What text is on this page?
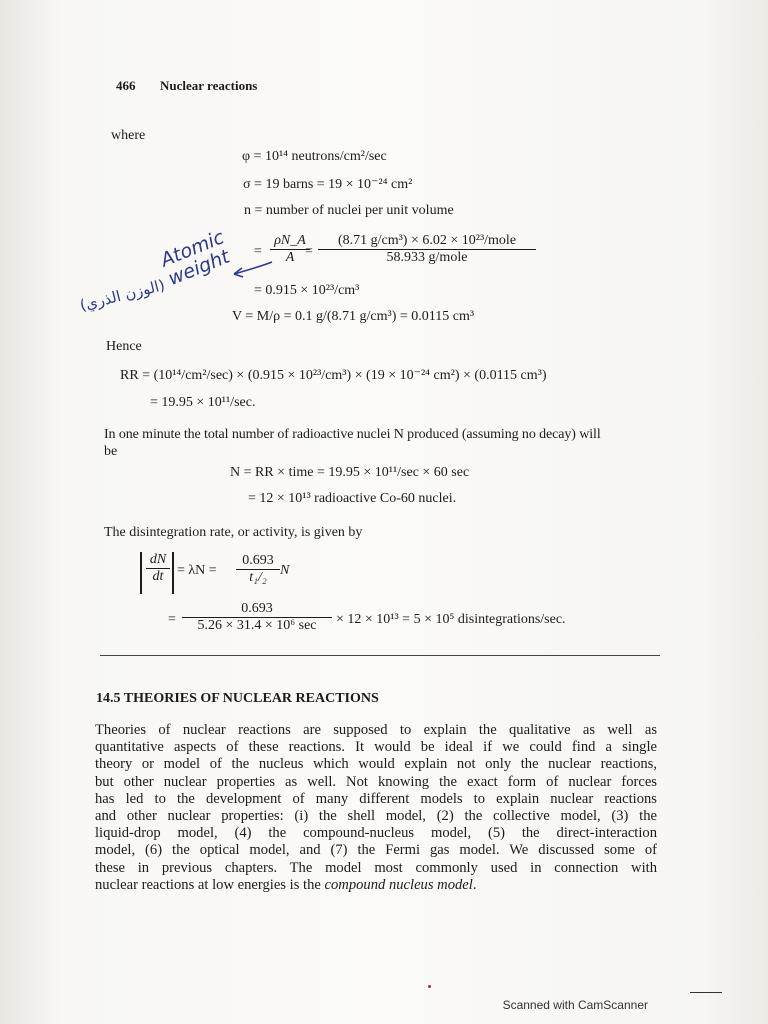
466 Nuclear reactions
where
φ = 10¹⁴ neutrons/cm²/sec
σ = 19 barns = 19 × 10⁻²⁴ cm²
n = number of nuclei per unit volume
=
ρN_A
A =
(8.71 g/cm³) × 6.02 × 10²³/mole
58.933 g/mole
= 0.915 × 10²³/cm³
V = M/ρ = 0.1 g/(8.71 g/cm³) = 0.0115 cm³
Atomic weight
(الوزن الذري)
Hence
RR = (10¹⁴/cm²/sec) × (0.915 × 10²³/cm³) × (19 × 10⁻²⁴ cm²) × (0.0115 cm³)
= 19.95 × 10¹¹/sec.
In one minute the total number of radioactive nuclei N produced (assuming no decay) will
be
N = RR × time = 19.95 × 10¹¹/sec × 60 sec
= 12 × 10¹³ radioactive Co-60 nuclei.
The disintegration rate, or activity, is given by
dN
dt = λN =
0.693
t₁/₂ N
=
0.693
5.26 × 31.4 × 10⁶ sec × 12 × 10¹³ = 5 × 10⁵ disintegrations/sec.
14.5 THEORIES OF NUCLEAR REACTIONS
Theories of nuclear reactions are supposed to explain the qualitative as well as
quantitative aspects of these reactions. It would be ideal if we could find a single
theory or model of the nucleus which would explain not only the nuclear reactions,
but other nuclear properties as well. Not knowing the exact form of nuclear forces
has led to the development of many different models to explain nuclear reactions
and other nuclear properties: (i) the shell model, (2) the collective model, (3) the
liquid-drop model, (4) the compound-nucleus model, (5) the direct-interaction
model, (6) the optical model, and (7) the Fermi gas model. We discussed some of
these in previous chapters. The model most commonly used in connection with
nuclear reactions at low energies is the compound nucleus model.
Scanned with CamScanner
